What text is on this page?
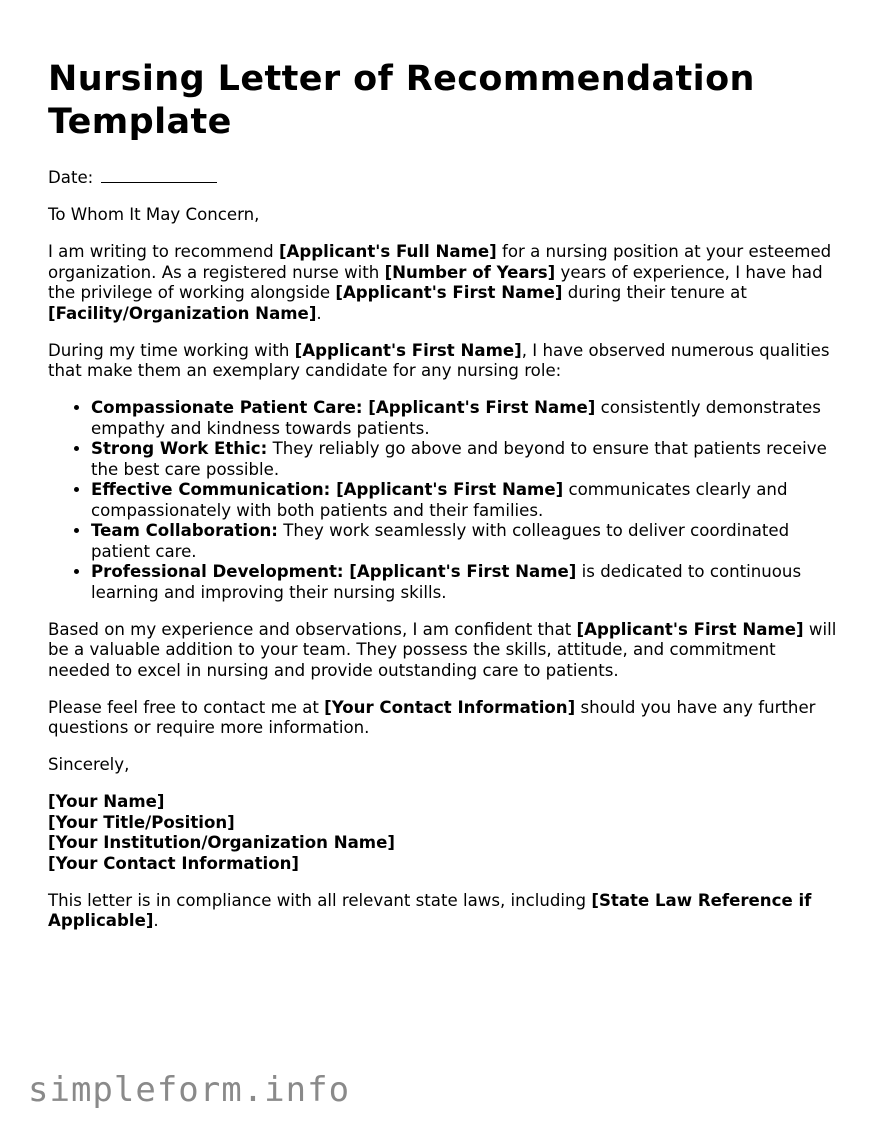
Nursing Letter of Recommendation Template

Date:

To Whom It May Concern,

I am writing to recommend [Applicant's Full Name] for a nursing position at your esteemed organization. As a registered nurse with [Number of Years] years of experience, I have had the privilege of working alongside [Applicant's First Name] during their tenure at [Facility/Organization Name].

During my time working with [Applicant's First Name], I have observed numerous qualities that make them an exemplary candidate for any nursing role:

• Compassionate Patient Care: [Applicant's First Name] consistently demonstrates empathy and kindness towards patients.
• Strong Work Ethic: They reliably go above and beyond to ensure that patients receive the best care possible.
• Effective Communication: [Applicant's First Name] communicates clearly and compassionately with both patients and their families.
• Team Collaboration: They work seamlessly with colleagues to deliver coordinated patient care.
• Professional Development: [Applicant's First Name] is dedicated to continuous learning and improving their nursing skills.

Based on my experience and observations, I am confident that [Applicant's First Name] will be a valuable addition to your team. They possess the skills, attitude, and commitment needed to excel in nursing and provide outstanding care to patients.

Please feel free to contact me at [Your Contact Information] should you have any further questions or require more information.

Sincerely,

[Your Name]

[Your Title/Position]

[Your Institution/Organization Name]

[Your Contact Information]

This letter is in compliance with all relevant state laws, including [State Law Reference if Applicable].

simpleform.info
